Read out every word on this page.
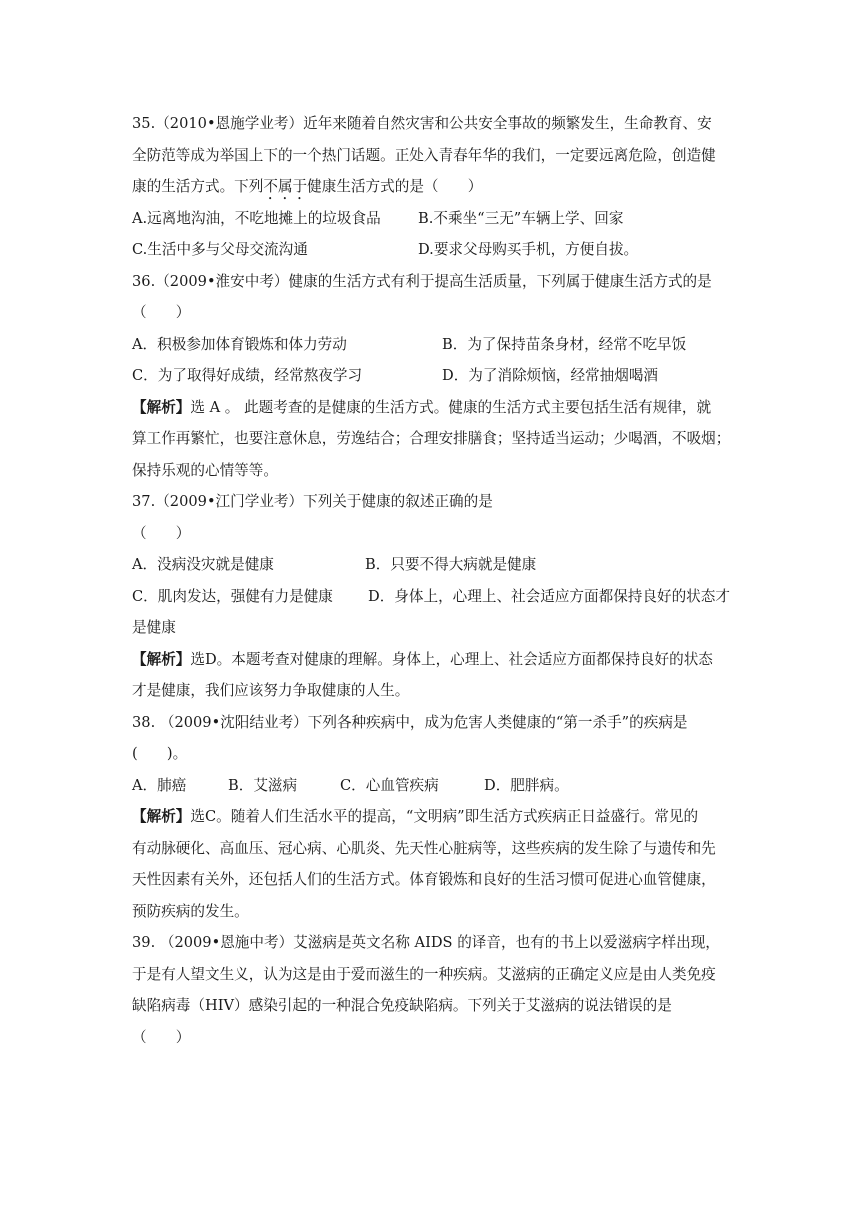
35.（2010•恩施学业考）近年来随着自然灾害和公共安全事故的频繁发生，生命教育、安
全防范等成为举国上下的一个热门话题。正处入青春年华的我们，一定要远离危险，创造健
康的生活方式。下列不属于健康生活方式的是（　　）
A.远离地沟油，不吃地摊上的垃圾食品	B.不乘坐“三无”车辆上学、回家
C.生活中多与父母交流沟通	D.要求父母购买手机，方便自拔。
36.（2009•淮安中考）健康的生活方式有利于提高生活质量，下列属于健康生活方式的是
（　　）
A．积极参加体育锻炼和体力劳动	B．为了保持苗条身材，经常不吃早饭
C．为了取得好成绩，经常熬夜学习	D．为了消除烦恼，经常抽烟喝酒
【解析】选 A 。 此题考查的是健康的生活方式。健康的生活方式主要包括生活有规律，就
算工作再繁忙，也要注意休息，劳逸结合；合理安排膳食；坚持适当运动；少喝酒，不吸烟；
保持乐观的心情等等。
37.（2009•江门学业考）下列关于健康的叙述正确的是
（　　）
A．没病没灾就是健康	B．只要不得大病就是健康
C．肌肉发达，强健有力是健康	D．身体上，心理上、社会适应方面都保持良好的状态才
是健康
【解析】选D。本题考查对健康的理解。身体上，心理上、社会适应方面都保持良好的状态
才是健康，我们应该努力争取健康的人生。
38. （2009•沈阳结业考）下列各种疾病中，成为危害人类健康的“第一杀手”的疾病是
(　　)。
A．肺癌	B．艾滋病	C．心血管疾病	D．肥胖病。
【解析】选C。随着人们生活水平的提高，“文明病”即生活方式疾病正日益盛行。常见的
有动脉硬化、高血压、冠心病、心肌炎、先天性心脏病等，这些疾病的发生除了与遗传和先
天性因素有关外，还包括人们的生活方式。体育锻炼和良好的生活习惯可促进心血管健康，
预防疾病的发生。
39. （2009•恩施中考）艾滋病是英文名称 AIDS 的译音，也有的书上以爱滋病字样出现，
于是有人望文生义，认为这是由于爱而滋生的一种疾病。艾滋病的正确定义应是由人类免疫
缺陷病毒（HIV）感染引起的一种混合免疫缺陷病。下列关于艾滋病的说法错误的是
（　　）
